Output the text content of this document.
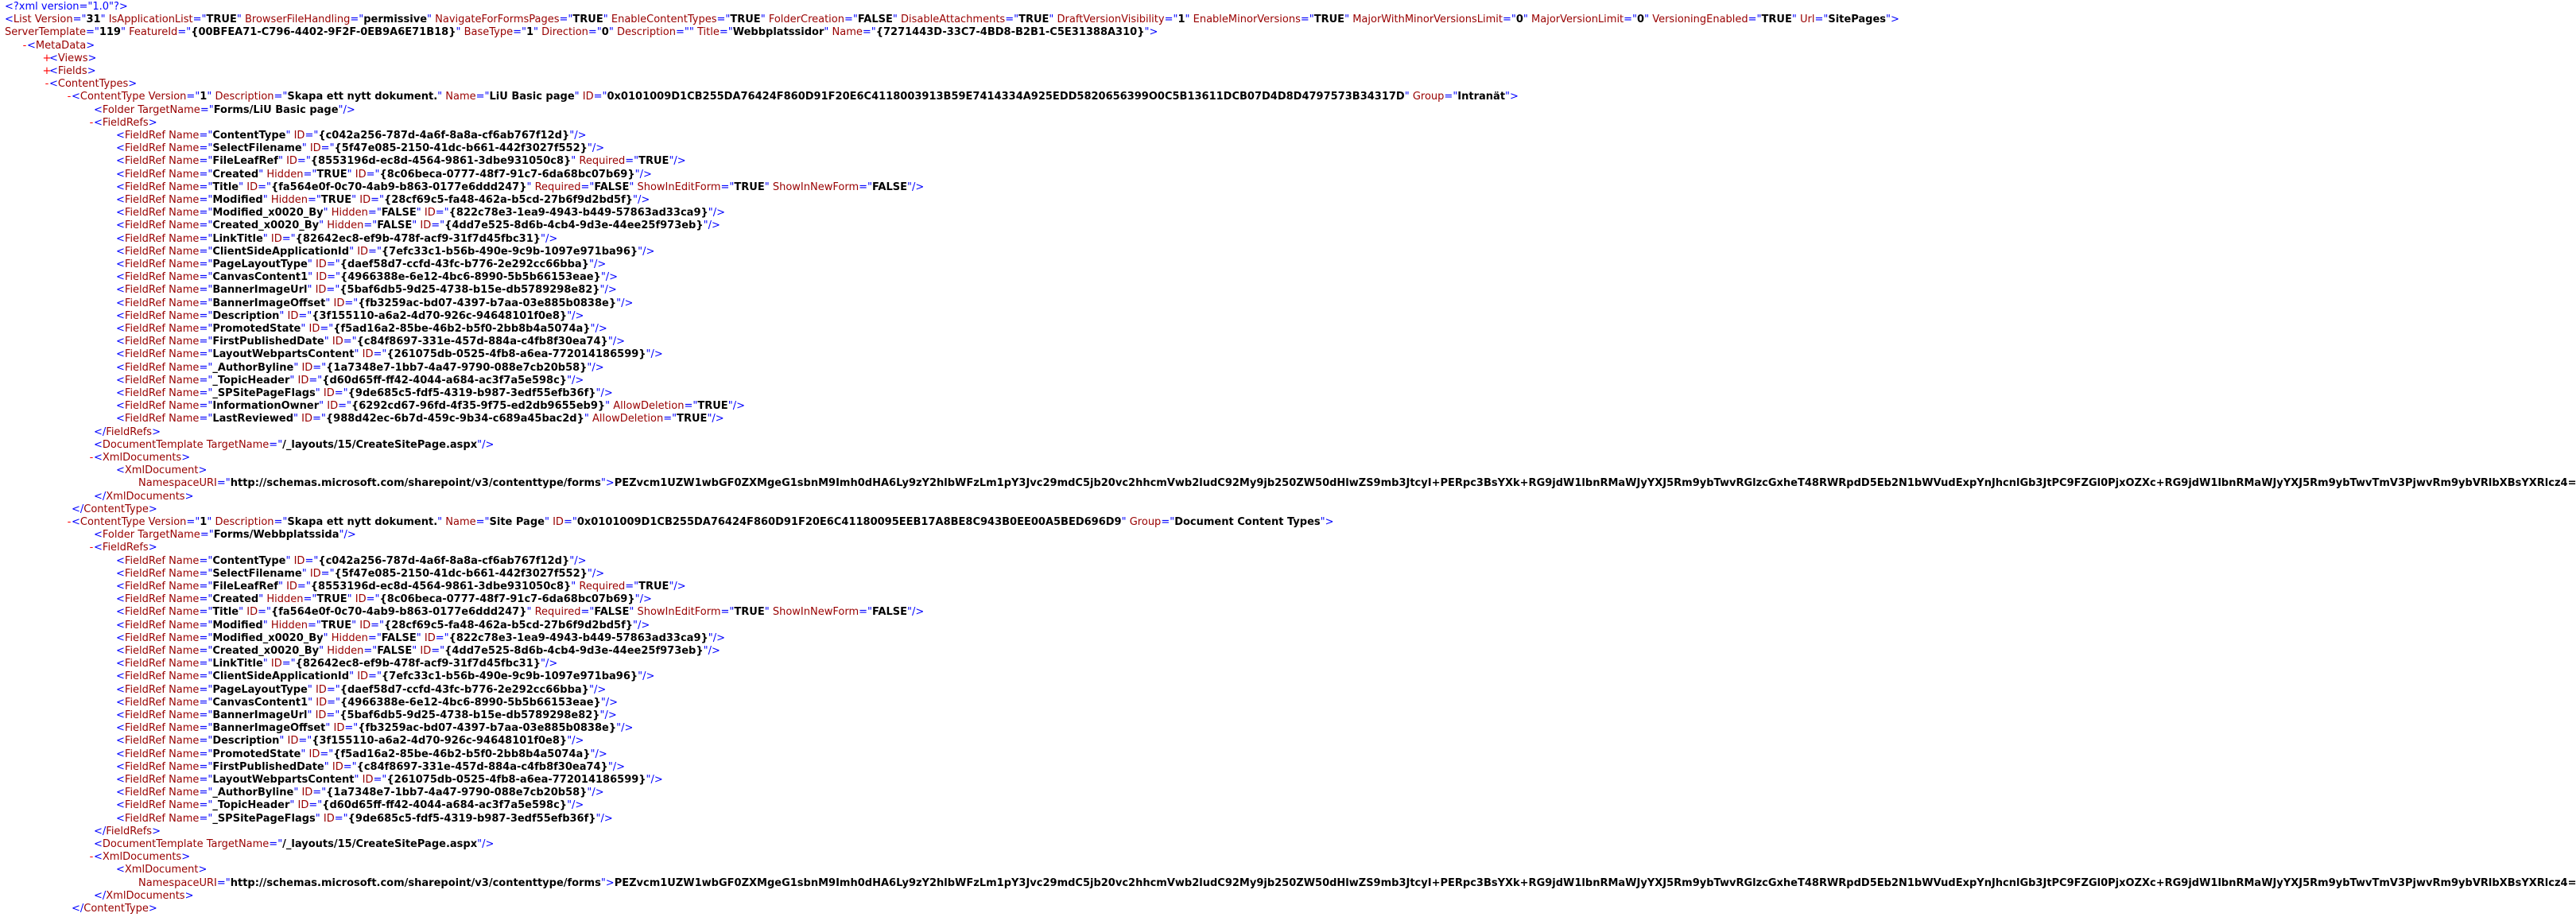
<?xml version="1.0"?>
<List Version="31" IsApplicationList="TRUE" BrowserFileHandling="permissive" NavigateForFormsPages="TRUE" EnableContentTypes="TRUE" FolderCreation="FALSE" DisableAttachments="TRUE" DraftVersionVisibility="1" EnableMinorVersions="TRUE" MajorWithMinorVersionsLimit="0" MajorVersionLimit="0" VersioningEnabled="TRUE" Url="SitePages">
ServerTemplate="119" FeatureId="{00BFEA71-C796-4402-9F2F-0EB9A6E71B18}" BaseType="1" Direction="0" Description="" Title="Webbplatssidor" Name="{7271443D-33C7-4BD8-B2B1-C5E31388A310}">
- <MetaData>
+
<Views>
+
<Fields>
- <ContentTypes>
- <ContentType Version="1" Description="Skapa ett nytt dokument." Name="LiU Basic page" ID="0x0101009D1CB255DA76424F860D91F20E6C4118003913B59E7414334A925EDD5820656399O0C5B13611DCB07D4D8D4797573B34317D" Group="Intranät">
<Folder TargetName="Forms/LiU Basic page"/>
- <FieldRefs>
<FieldRef Name="ContentType" ID="{c042a256-787d-4a6f-8a8a-cf6ab767f12d}"/>
<FieldRef Name="SelectFilename" ID="{5f47e085-2150-41dc-b661-442f3027f552}"/>
<FieldRef Name="FileLeafRef" ID="{8553196d-ec8d-4564-9861-3dbe931050c8}" Required="TRUE"/>
<FieldRef Name="Created" Hidden="TRUE" ID="{8c06beca-0777-48f7-91c7-6da68bc07b69}"/>
<FieldRef Name="Title" ID="{fa564e0f-0c70-4ab9-b863-0177e6ddd247}" Required="FALSE" ShowInEditForm="TRUE" ShowInNewForm="FALSE"/>
<FieldRef Name="Modified" Hidden="TRUE" ID="{28cf69c5-fa48-462a-b5cd-27b6f9d2bd5f}"/>
<FieldRef Name="Modified_x0020_By" Hidden="FALSE" ID="{822c78e3-1ea9-4943-b449-57863ad33ca9}"/>
<FieldRef Name="Created_x0020_By" Hidden="FALSE" ID="{4dd7e525-8d6b-4cb4-9d3e-44ee25f973eb}"/>
<FieldRef Name="LinkTitle" ID="{82642ec8-ef9b-478f-acf9-31f7d45fbc31}"/>
<FieldRef Name="ClientSideApplicationId" ID="{7efc33c1-b56b-490e-9c9b-1097e971ba96}"/>
<FieldRef Name="PageLayoutType" ID="{daef58d7-ccfd-43fc-b776-2e292cc66bba}"/>
<FieldRef Name="CanvasContent1" ID="{4966388e-6e12-4bc6-8990-5b5b66153eae}"/>
<FieldRef Name="BannerImageUrl" ID="{5baf6db5-9d25-4738-b15e-db5789298e82}"/>
<FieldRef Name="BannerImageOffset" ID="{fb3259ac-bd07-4397-b7aa-03e885b0838e}"/>
<FieldRef Name="Description" ID="{3f155110-a6a2-4d70-926c-94648101f0e8}"/>
<FieldRef Name="PromotedState" ID="{f5ad16a2-85be-46b2-b5f0-2bb8b4a5074a}"/>
<FieldRef Name="FirstPublishedDate" ID="{c84f8697-331e-457d-884a-c4fb8f30ea74}"/>
<FieldRef Name="LayoutWebpartsContent" ID="{261075db-0525-4fb8-a6ea-772014186599}"/>
<FieldRef Name="_AuthorByline" ID="{1a7348e7-1bb7-4a47-9790-088e7cb20b58}"/>
<FieldRef Name="_TopicHeader" ID="{d60d65ff-ff42-4044-a684-ac3f7a5e598c}"/>
<FieldRef Name="_SPSitePageFlags" ID="{9de685c5-fdf5-4319-b987-3edf55efb36f}"/>
<FieldRef Name="InformationOwner" ID="{6292cd67-96fd-4f35-9f75-ed2db9655eb9}" AllowDeletion="TRUE"/>
<FieldRef Name="LastReviewed" ID="{988d42ec-6b7d-459c-9b34-c689a45bac2d}" AllowDeletion="TRUE"/>
</FieldRefs>
<DocumentTemplate TargetName="/_layouts/15/CreateSitePage.aspx"/>
- <XmlDocuments>
<XmlDocument>
NamespaceURI="http://schemas.microsoft.com/sharepoint/v3/contenttype/forms">PEZvcm1UZW1wbGF0ZXMgeG1sbnM9Imh0dHA6Ly9zY2hlbWFzLm1pY3Jvc29mdC5jb20vc2hhcmVwb2ludC92My9jb250ZW50dHlwZS9mb3JtcyI+PERpc3BsYXk+RG9jdW1lbnRMaWJyYXJ5Rm9ybTwvRGlzcGxheT48RWRpdD5Eb2N1bWVudExpYnJhcnlGb3JtPC9FZGl0PjxOZXc+RG9jdW1lbnRMaWJyYXJ5Rm9ybTwvTmV3PjwvRm9ybVRlbXBsYXRlcz4=
</XmlDocuments>
</ContentType>
- <ContentType Version="1" Description="Skapa ett nytt dokument." Name="Site Page" ID="0x0101009D1CB255DA76424F860D91F20E6C41180095EEB17A8BE8C943B0EE00A5BED696D9" Group="Document Content Types">
<Folder TargetName="Forms/Webbplatssida"/>
- <FieldRefs>
<FieldRef Name="ContentType" ID="{c042a256-787d-4a6f-8a8a-cf6ab767f12d}"/>
<FieldRef Name="SelectFilename" ID="{5f47e085-2150-41dc-b661-442f3027f552}"/>
<FieldRef Name="FileLeafRef" ID="{8553196d-ec8d-4564-9861-3dbe931050c8}" Required="TRUE"/>
<FieldRef Name="Created" Hidden="TRUE" ID="{8c06beca-0777-48f7-91c7-6da68bc07b69}"/>
<FieldRef Name="Title" ID="{fa564e0f-0c70-4ab9-b863-0177e6ddd247}" Required="FALSE" ShowInEditForm="TRUE" ShowInNewForm="FALSE"/>
<FieldRef Name="Modified" Hidden="TRUE" ID="{28cf69c5-fa48-462a-b5cd-27b6f9d2bd5f}"/>
<FieldRef Name="Modified_x0020_By" Hidden="FALSE" ID="{822c78e3-1ea9-4943-b449-57863ad33ca9}"/>
<FieldRef Name="Created_x0020_By" Hidden="FALSE" ID="{4dd7e525-8d6b-4cb4-9d3e-44ee25f973eb}"/>
<FieldRef Name="LinkTitle" ID="{82642ec8-ef9b-478f-acf9-31f7d45fbc31}"/>
<FieldRef Name="ClientSideApplicationId" ID="{7efc33c1-b56b-490e-9c9b-1097e971ba96}"/>
<FieldRef Name="PageLayoutType" ID="{daef58d7-ccfd-43fc-b776-2e292cc66bba}"/>
<FieldRef Name="CanvasContent1" ID="{4966388e-6e12-4bc6-8990-5b5b66153eae}"/>
<FieldRef Name="BannerImageUrl" ID="{5baf6db5-9d25-4738-b15e-db5789298e82}"/>
<FieldRef Name="BannerImageOffset" ID="{fb3259ac-bd07-4397-b7aa-03e885b0838e}"/>
<FieldRef Name="Description" ID="{3f155110-a6a2-4d70-926c-94648101f0e8}"/>
<FieldRef Name="PromotedState" ID="{f5ad16a2-85be-46b2-b5f0-2bb8b4a5074a}"/>
<FieldRef Name="FirstPublishedDate" ID="{c84f8697-331e-457d-884a-c4fb8f30ea74}"/>
<FieldRef Name="LayoutWebpartsContent" ID="{261075db-0525-4fb8-a6ea-772014186599}"/>
<FieldRef Name="_AuthorByline" ID="{1a7348e7-1bb7-4a47-9790-088e7cb20b58}"/>
<FieldRef Name="_TopicHeader" ID="{d60d65ff-ff42-4044-a684-ac3f7a5e598c}"/>
<FieldRef Name="_SPSitePageFlags" ID="{9de685c5-fdf5-4319-b987-3edf55efb36f}"/>
</FieldRefs>
<DocumentTemplate TargetName="/_layouts/15/CreateSitePage.aspx"/>
- <XmlDocuments>
<XmlDocument>
NamespaceURI="http://schemas.microsoft.com/sharepoint/v3/contenttype/forms">PEZvcm1UZW1wbGF0ZXMgeG1sbnM9Imh0dHA6Ly9zY2hlbWFzLm1pY3Jvc29mdC5jb20vc2hhcmVwb2ludC92My9jb250ZW50dHlwZS9mb3JtcyI+PERpc3BsYXk+RG9jdW1lbnRMaWJyYXJ5Rm9ybTwvRGlzcGxheT48RWRpdD5Eb2N1bWVudExpYnJhcnlGb3JtPC9FZGl0PjxOZXc+RG9jdW1lbnRMaWJyYXJ5Rm9ybTwvTmV3PjwvRm9ybVRlbXBsYXRlcz4=
</XmlDocuments>
</ContentType>
